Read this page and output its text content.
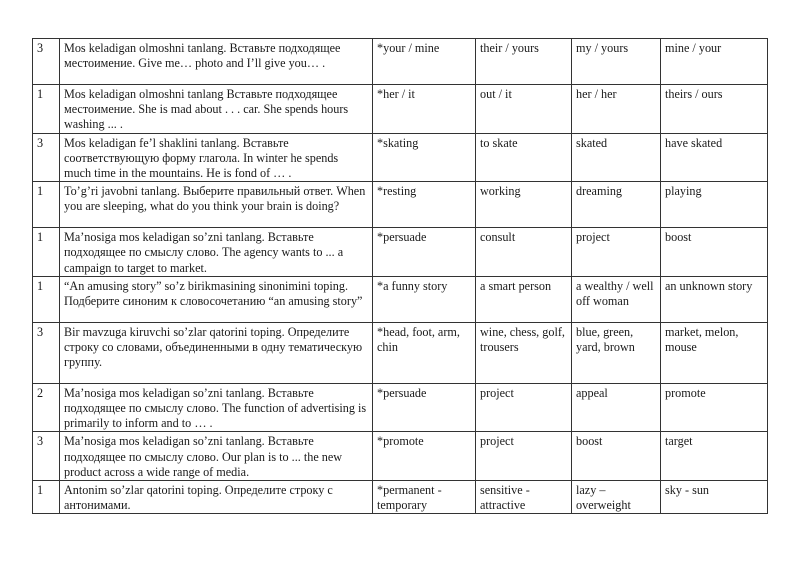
3	Mos keladigan olmoshni tanlang. Вставьте подходящее местоимение. Give me… photo and I’ll give you… .	*your / mine	their / yours	my / yours	mine / your
1	Mos keladigan olmoshni tanlang Вставьте подходящее местоимение. She is mad about . . . car. She spends hours washing ... .	*her / it	out / it	her / her	theirs / ours
3	Mos keladigan fe’l shaklini tanlang. Вставьте соответствующую форму глагола. In winter he spends much time in the mountains. He is fond of … .	*skating	to skate	skated	have skated
1	To’g’ri javobni tanlang. Выберите правильный ответ. When you are sleeping, what do you think your brain is doing?	*resting	working	dreaming	playing
1	Ma’nosiga mos keladigan so’zni tanlang. Вставьте подходящее по смыслу слово. The agency wants to ... a campaign to target to market.	*persuade	consult	project	boost
1	“An amusing story” so’z birikmasining sinonimini toping. Подберите синоним к словосочетанию “an amusing story”	*a funny story	a smart person	a wealthy / well off woman	an unknown story
3	Bir mavzuga kiruvchi so’zlar qatorini toping. Определите строку со словами, объединенными в одну тематическую группу.	*head, foot, arm, chin	wine, chess, golf, trousers	blue, green, yard, brown	market, melon, mouse
2	Ma’nosiga mos keladigan so’zni tanlang. Вставьте подходящее по смыслу слово. The function of advertising is primarily to inform and to … .	*persuade	project	appeal	promote
3	Ma’nosiga mos keladigan so’zni tanlang. Вставьте подходящее по смыслу слово. Our plan is to ... the new product across a wide range of media.	*promote	project	boost	target
1	Antonim so’zlar qatorini toping. Определите строку с антонимами.	*permanent - temporary	sensitive - attractive	lazy – overweight	sky - sun
